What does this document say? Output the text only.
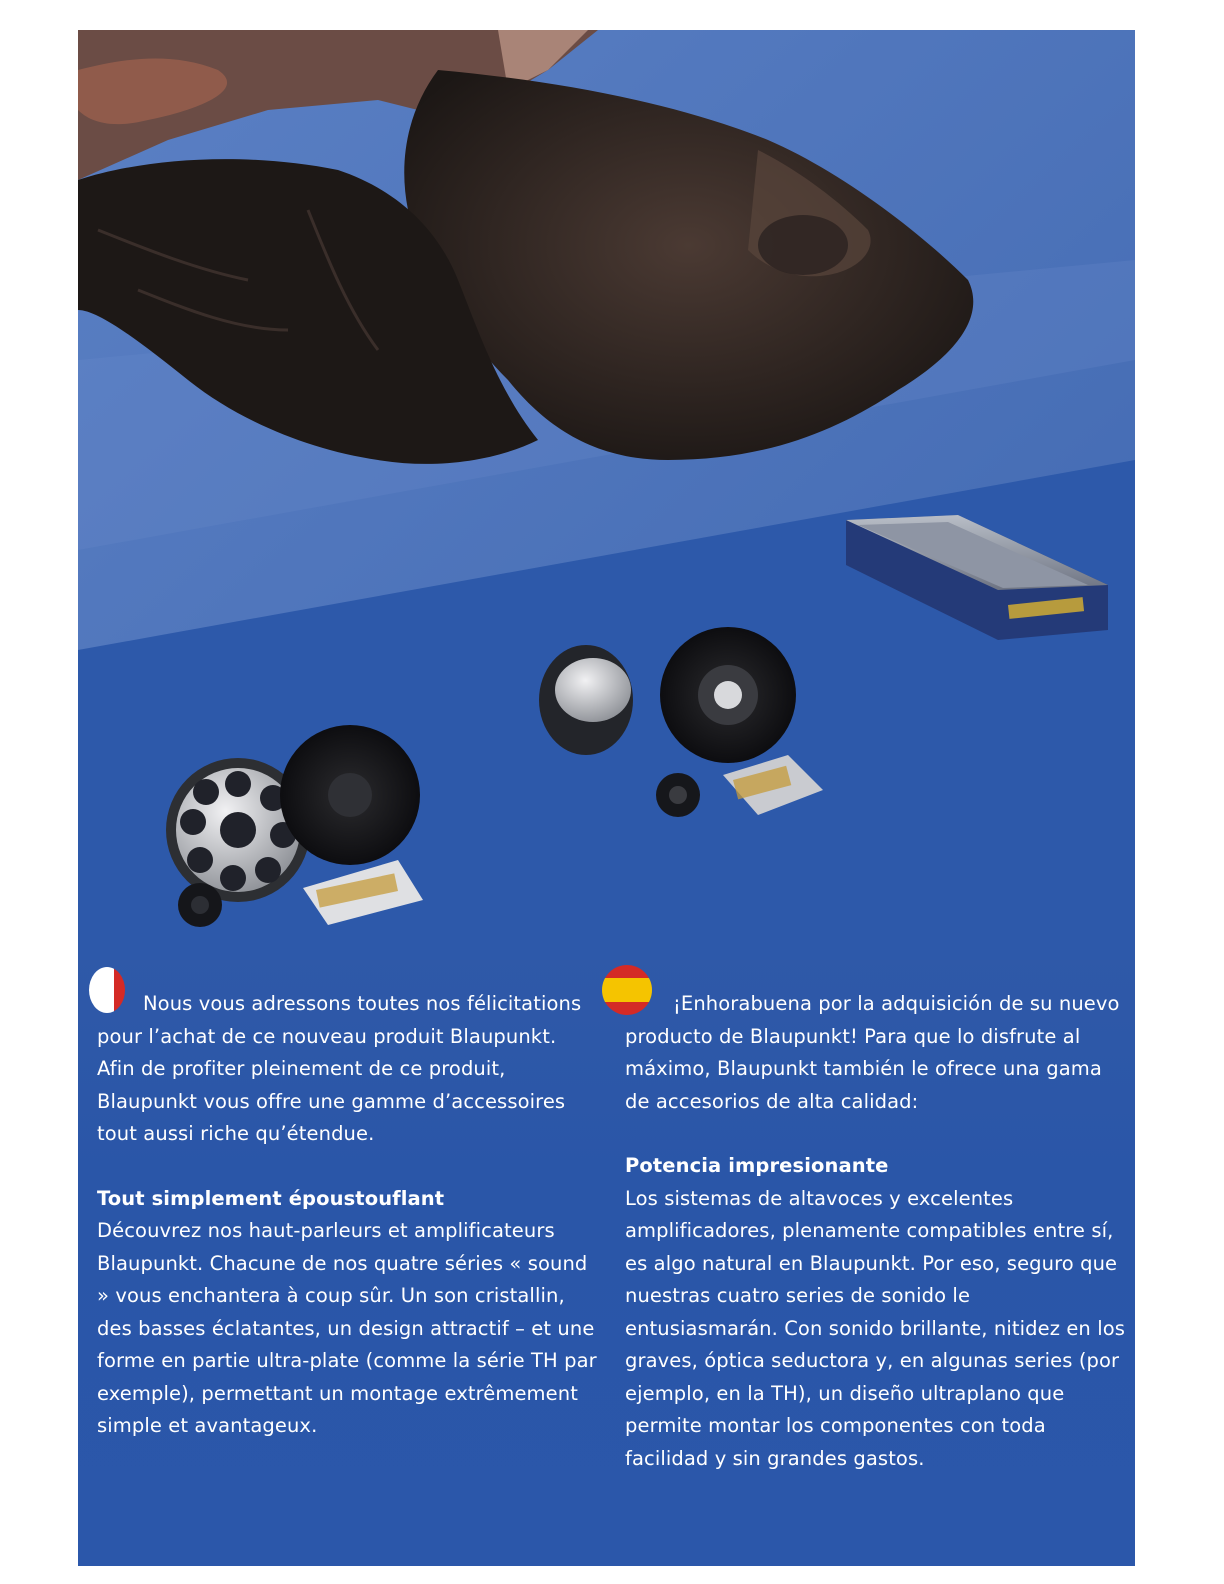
Nous vous adressons toutes nos félicitations pour l’achat de ce nouveau produit Blaupunkt. Afin de profiter pleinement de ce produit, Blaupunkt vous offre une gamme d’accessoires tout aussi riche qu’étendue.

Tout simplement époustouflant

Découvrez nos haut-parleurs et amplificateurs Blaupunkt. Chacune de nos quatre séries « sound » vous enchantera à coup sûr. Un son cristallin, des basses éclatantes, un design attractif – et une forme en partie ultra-plate (comme la série TH par exemple), permettant un montage extrêmement simple et avantageux.

¡Enhorabuena por la adquisición de su nuevo producto de Blaupunkt! Para que lo disfrute al máximo, Blaupunkt también le ofrece una gama de accesorios de alta calidad:

Potencia impresionante

Los sistemas de altavoces y excelentes amplificadores, plenamente compatibles entre sí, es algo natural en Blaupunkt. Por eso, seguro que nuestras cuatro series de sonido le entusiasmarán. Con sonido brillante, nitidez en los graves, óptica seductora y, en algunas series (por ejemplo, en la TH), un diseño ultraplano que permite montar los componentes con toda facilidad y sin grandes gastos.
